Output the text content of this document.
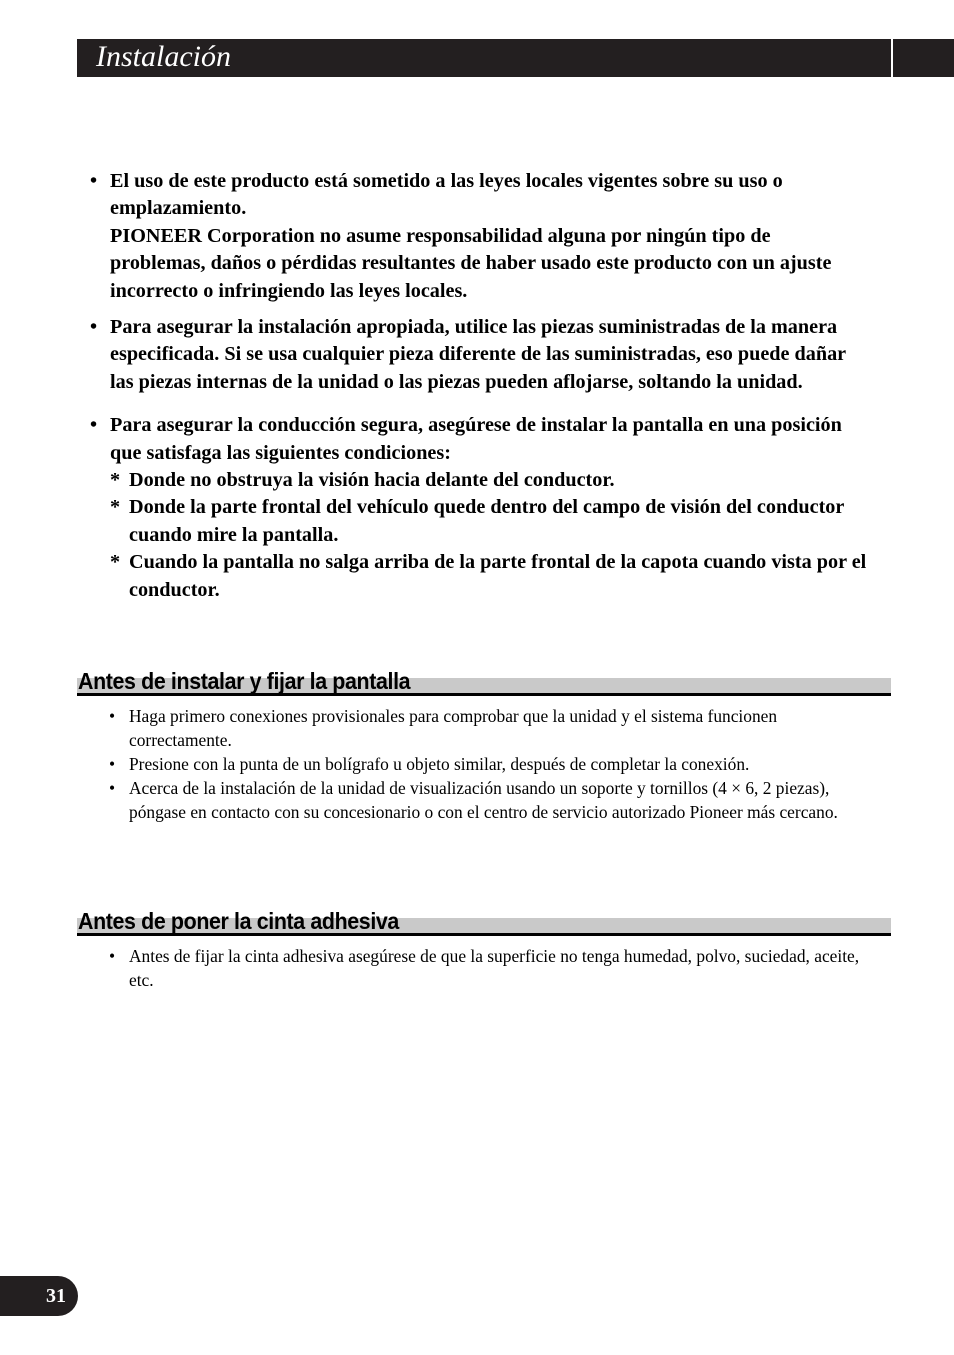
Instalación
• El uso de este producto está sometido a las leyes locales vigentes sobre su uso o emplazamiento.

PIONEER Corporation no asume responsabilidad alguna por ningún tipo de problemas, daños o pérdidas resultantes de haber usado este producto con un ajuste incorrecto o infringiendo las leyes locales.

• Para asegurar la instalación apropiada, utilice las piezas suministradas de la manera especificada. Si se usa cualquier pieza diferente de las suministradas, eso puede dañar las piezas internas de la unidad o las piezas pueden aflojarse, soltando la unidad.

• Para asegurar la conducción segura, asegúrese de instalar la pantalla en una posición que satisfaga las siguientes condiciones:

* Donde no obstruya la visión hacia delante del conductor.
* Donde la parte frontal del vehículo quede dentro del campo de visión del conductor cuando mire la pantalla.
* Cuando la pantalla no salga arriba de la parte frontal de la capota cuando vista por el conductor.
Antes de instalar y fijar la pantalla
• Haga primero conexiones provisionales para comprobar que la unidad y el sistema funcionen correctamente.
• Presione con la punta de un bolígrafo u objeto similar, después de completar la conexión.
• Acerca de la instalación de la unidad de visualización usando un soporte y tornillos (4 × 6, 2 piezas), póngase en contacto con su concesionario o con el centro de servicio autorizado Pioneer más cercano.
Antes de poner la cinta adhesiva
• Antes de fijar la cinta adhesiva asegúrese de que la superficie no tenga humedad, polvo, suciedad, aceite, etc.
31
